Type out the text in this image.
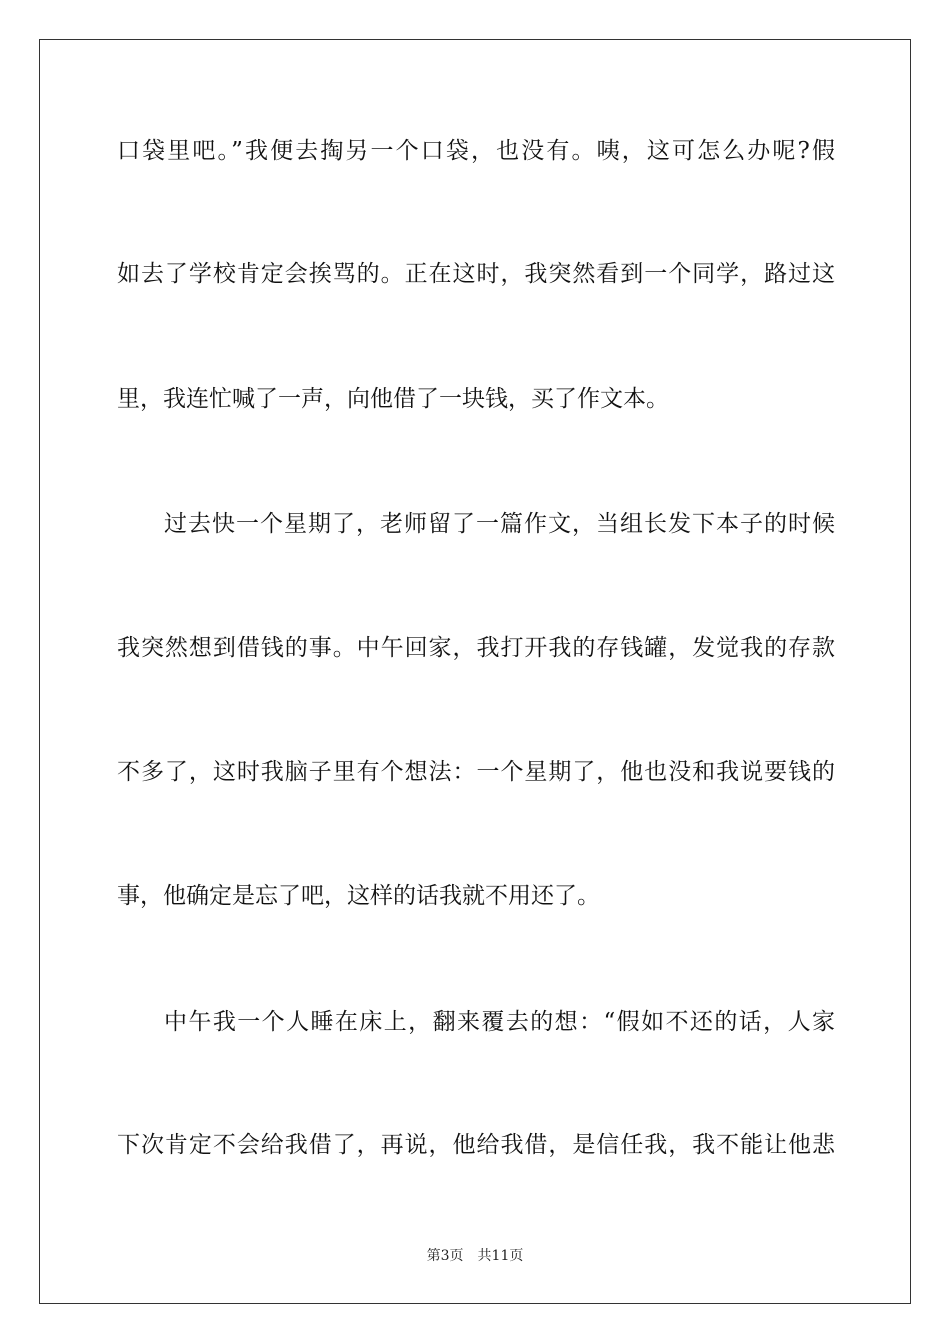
口袋里吧。”我便去掏另一个口袋，也没有。咦，这可怎么办呢?假
如去了学校肯定会挨骂的。正在这时，我突然看到一个同学，路过这
里，我连忙喊了一声，向他借了一块钱，买了作文本。
过去快一个星期了，老师留了一篇作文，当组长发下本子的时候
我突然想到借钱的事。中午回家，我打开我的存钱罐，发觉我的存款
不多了，这时我脑子里有个想法：一个星期了，他也没和我说要钱的
事，他确定是忘了吧，这样的话我就不用还了。
中午我一个人睡在床上，翻来覆去的想：“假如不还的话，人家
下次肯定不会给我借了，再说，他给我借，是信任我，我不能让他悲
第3页 共11页
